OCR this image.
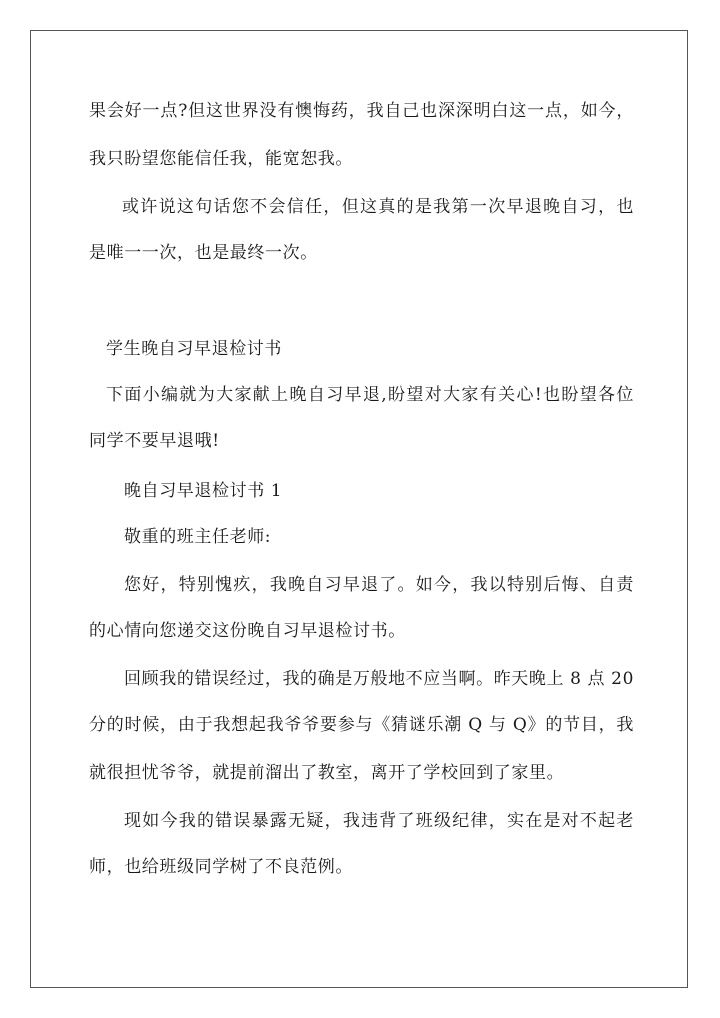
果会好一点?但这世界没有懊悔药，我自己也深深明白这一点，如今，
我只盼望您能信任我，能宽恕我。
或许说这句话您不会信任，但这真的是我第一次早退晚自习，也
是唯一一次，也是最终一次。
学生晚自习早退检讨书
下面小编就为大家献上晚自习早退,盼望对大家有关心!也盼望各位
同学不要早退哦!
晚自习早退检讨书 1
敬重的班主任老师:
您好，特别愧疚，我晚自习早退了。如今，我以特别后悔、自责
的心情向您递交这份晚自习早退检讨书。
回顾我的错误经过，我的确是万般地不应当啊。昨天晚上 8 点 20
分的时候，由于我想起我爷爷要参与《猜谜乐潮 Q 与 Q》的节目，我
就很担忧爷爷，就提前溜出了教室，离开了学校回到了家里。
现如今我的错误暴露无疑，我违背了班级纪律，实在是对不起老
师，也给班级同学树了不良范例。
